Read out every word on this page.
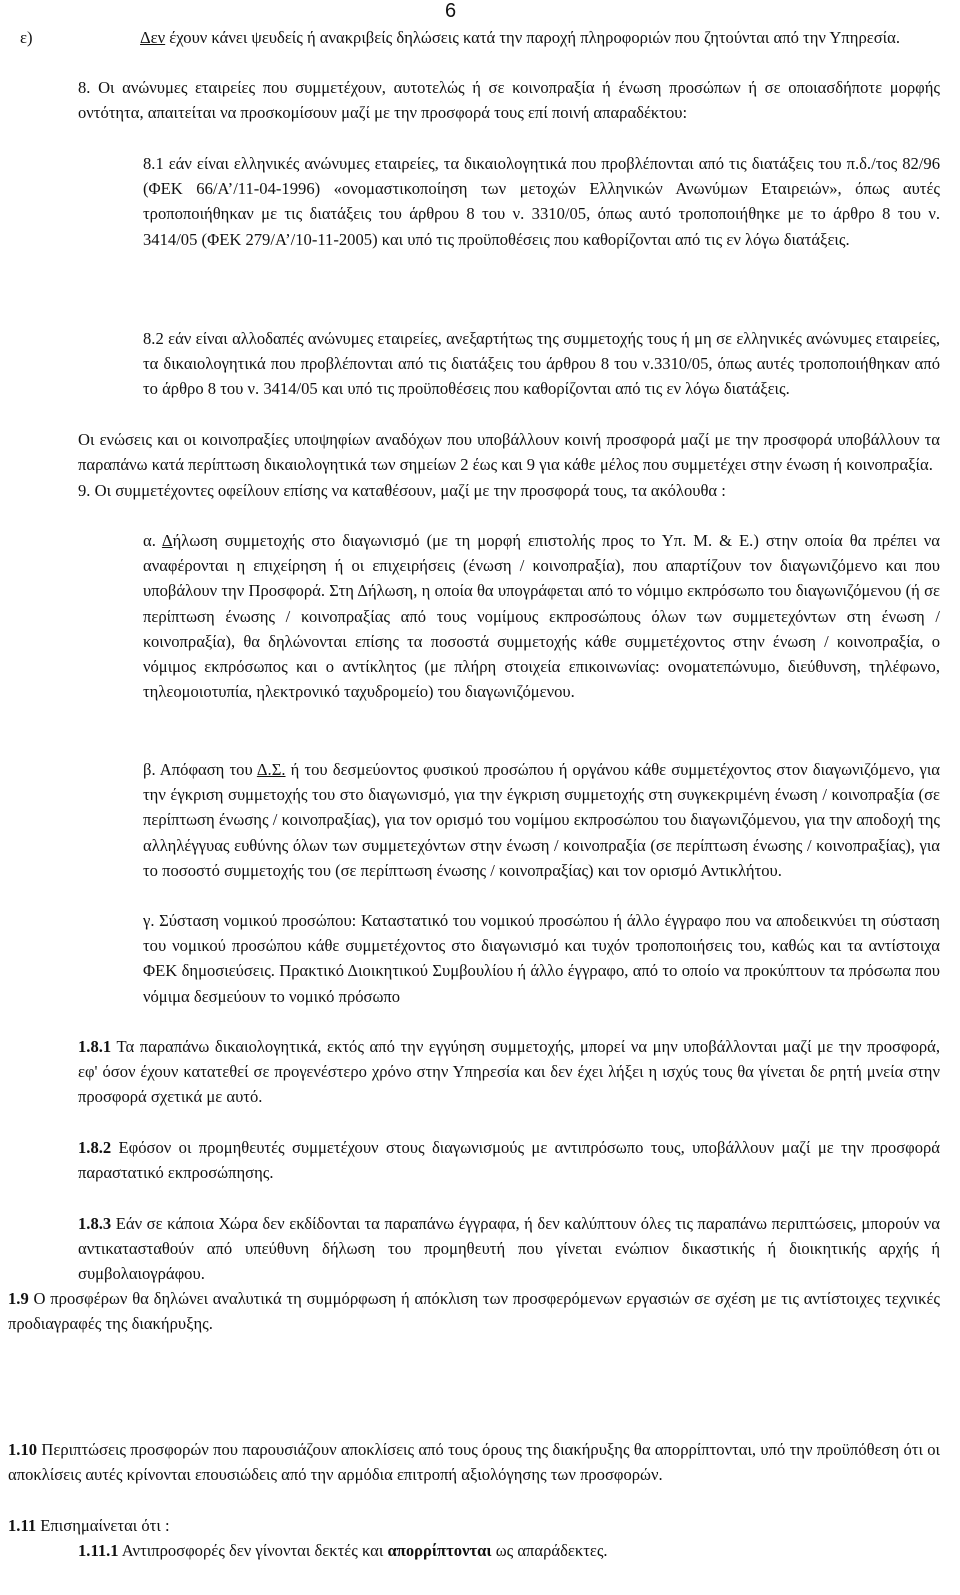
6

ε)	Δεν έχουν κάνει ψευδείς ή ανακριβείς δηλώσεις κατά την παροχή πληροφοριών που ζητούνται από την Υπηρεσία.

8. Οι ανώνυμες εταιρείες που συμμετέχουν, αυτοτελώς ή σε κοινοπραξία ή ένωση προσώπων ή σε οποιασδήποτε μορφής οντότητα, απαιτείται να προσκομίσουν μαζί με την προσφορά τους επί ποινή απαραδέκτου:

8.1 εάν είναι ελληνικές ανώνυμες εταιρείες, τα δικαιολογητικά που προβλέπονται από τις διατάξεις του π.δ./τος 82/96 (ΦΕΚ 66/Α’/11-04-1996) «ονομαστικοποίηση των μετοχών Ελληνικών Ανωνύμων Εταιρειών», όπως αυτές τροποποιήθηκαν με τις διατάξεις του άρθρου 8 του ν. 3310/05, όπως αυτό τροποποιήθηκε με το άρθρο 8 του ν. 3414/05 (ΦΕΚ 279/Α’/10-11-2005) και υπό τις προϋποθέσεις που καθορίζονται από τις εν λόγω διατάξεις.

8.2 εάν είναι αλλοδαπές ανώνυμες εταιρείες, ανεξαρτήτως της συμμετοχής τους ή μη σε ελληνικές ανώνυμες εταιρείες, τα δικαιολογητικά που προβλέπονται από τις διατάξεις του άρθρου 8 του ν.3310/05, όπως αυτές τροποποιήθηκαν από το άρθρο 8 του ν. 3414/05 και υπό τις προϋποθέσεις που καθορίζονται από τις εν λόγω διατάξεις.

Οι ενώσεις και οι κοινοπραξίες υποψηφίων αναδόχων που υποβάλλουν κοινή προσφορά μαζί με την προσφορά υποβάλλουν τα παραπάνω κατά περίπτωση δικαιολογητικά των σημείων 2 έως και 9 για κάθε μέλος που συμμετέχει στην ένωση ή κοινοπραξία.

9. Οι συμμετέχοντες οφείλουν επίσης να καταθέσουν, μαζί με την προσφορά τους, τα ακόλουθα :

α. Δήλωση συμμετοχής στο διαγωνισμό (με τη μορφή επιστολής προς το Υπ. Μ. & Ε.) στην οποία θα πρέπει να αναφέρονται η επιχείρηση ή οι επιχειρήσεις (ένωση / κοινοπραξία), που απαρτίζουν τον διαγωνιζόμενο και που υποβάλουν την Προσφορά. Στη Δήλωση, η οποία θα υπογράφεται από το νόμιμο εκπρόσωπο του διαγωνιζόμενου (ή σε περίπτωση ένωσης / κοινοπραξίας από τους νομίμους εκπροσώπους όλων των συμμετεχόντων στη ένωση / κοινοπραξία), θα δηλώνονται επίσης τα ποσοστά συμμετοχής κάθε συμμετέχοντος στην ένωση / κοινοπραξία, ο νόμιμος εκπρόσωπος και ο αντίκλητος (με πλήρη στοιχεία επικοινωνίας: ονοματεπώνυμο, διεύθυνση, τηλέφωνο, τηλεομοιοτυπία, ηλεκτρονικό ταχυδρομείο) του διαγωνιζόμενου.

β. Απόφαση του Δ.Σ. ή του δεσμεύοντος φυσικού προσώπου ή οργάνου κάθε συμμετέχοντος στον διαγωνιζόμενο, για την έγκριση συμμετοχής του στο διαγωνισμό, για την έγκριση συμμετοχής στη συγκεκριμένη ένωση / κοινοπραξία (σε περίπτωση ένωσης / κοινοπραξίας), για τον ορισμό του νομίμου εκπροσώπου του διαγωνιζόμενου, για την αποδοχή της αλληλέγγυας ευθύνης όλων των συμμετεχόντων στην ένωση / κοινοπραξία (σε περίπτωση ένωσης / κοινοπραξίας), για το ποσοστό συμμετοχής του (σε περίπτωση ένωσης / κοινοπραξίας) και τον ορισμό Αντικλήτου.

γ. Σύσταση νομικού προσώπου: Καταστατικό του νομικού προσώπου ή άλλο έγγραφο που να αποδεικνύει τη σύσταση του νομικού προσώπου κάθε συμμετέχοντος στο διαγωνισμό και τυχόν τροποποιήσεις του, καθώς και τα αντίστοιχα ΦΕΚ δημοσιεύσεις. Πρακτικό Διοικητικού Συμβουλίου ή άλλο έγγραφο, από το οποίο να προκύπτουν τα πρόσωπα που νόμιμα δεσμεύουν το νομικό πρόσωπο

1.8.1 Τα παραπάνω δικαιολογητικά, εκτός από την εγγύηση συμμετοχής, μπορεί να μην υποβάλλονται μαζί με την προσφορά, εφ' όσον έχουν κατατεθεί σε προγενέστερο χρόνο στην Υπηρεσία και δεν έχει λήξει η ισχύς τους θα γίνεται δε ρητή μνεία στην προσφορά σχετικά με αυτό.

1.8.2 Εφόσον οι προμηθευτές συμμετέχουν στους διαγωνισμούς με αντιπρόσωπο τους, υποβάλλουν μαζί με την προσφορά παραστατικό εκπροσώπησης.

1.8.3 Εάν σε κάποια Χώρα δεν εκδίδονται τα παραπάνω έγγραφα, ή δεν καλύπτουν όλες τις παραπάνω περιπτώσεις, μπορούν να αντικατασταθούν από υπεύθυνη δήλωση του προμηθευτή που γίνεται ενώπιον δικαστικής ή διοικητικής αρχής ή συμβολαιογράφου.

1.9 Ο προσφέρων θα δηλώνει αναλυτικά τη συμμόρφωση ή απόκλιση των προσφερόμενων εργασιών σε σχέση με τις αντίστοιχες τεχνικές προδιαγραφές της διακήρυξης.

1.10 Περιπτώσεις προσφορών που παρουσιάζουν αποκλίσεις από τους όρους της διακήρυξης θα απορρίπτονται, υπό την προϋπόθεση ότι οι αποκλίσεις αυτές κρίνονται επουσιώδεις από την αρμόδια επιτροπή αξιολόγησης των προσφορών.

1.11 Επισημαίνεται ότι :

1.11.1 Αντιπροσφορές δεν γίνονται δεκτές και απορρίπτονται ως απαράδεκτες.
